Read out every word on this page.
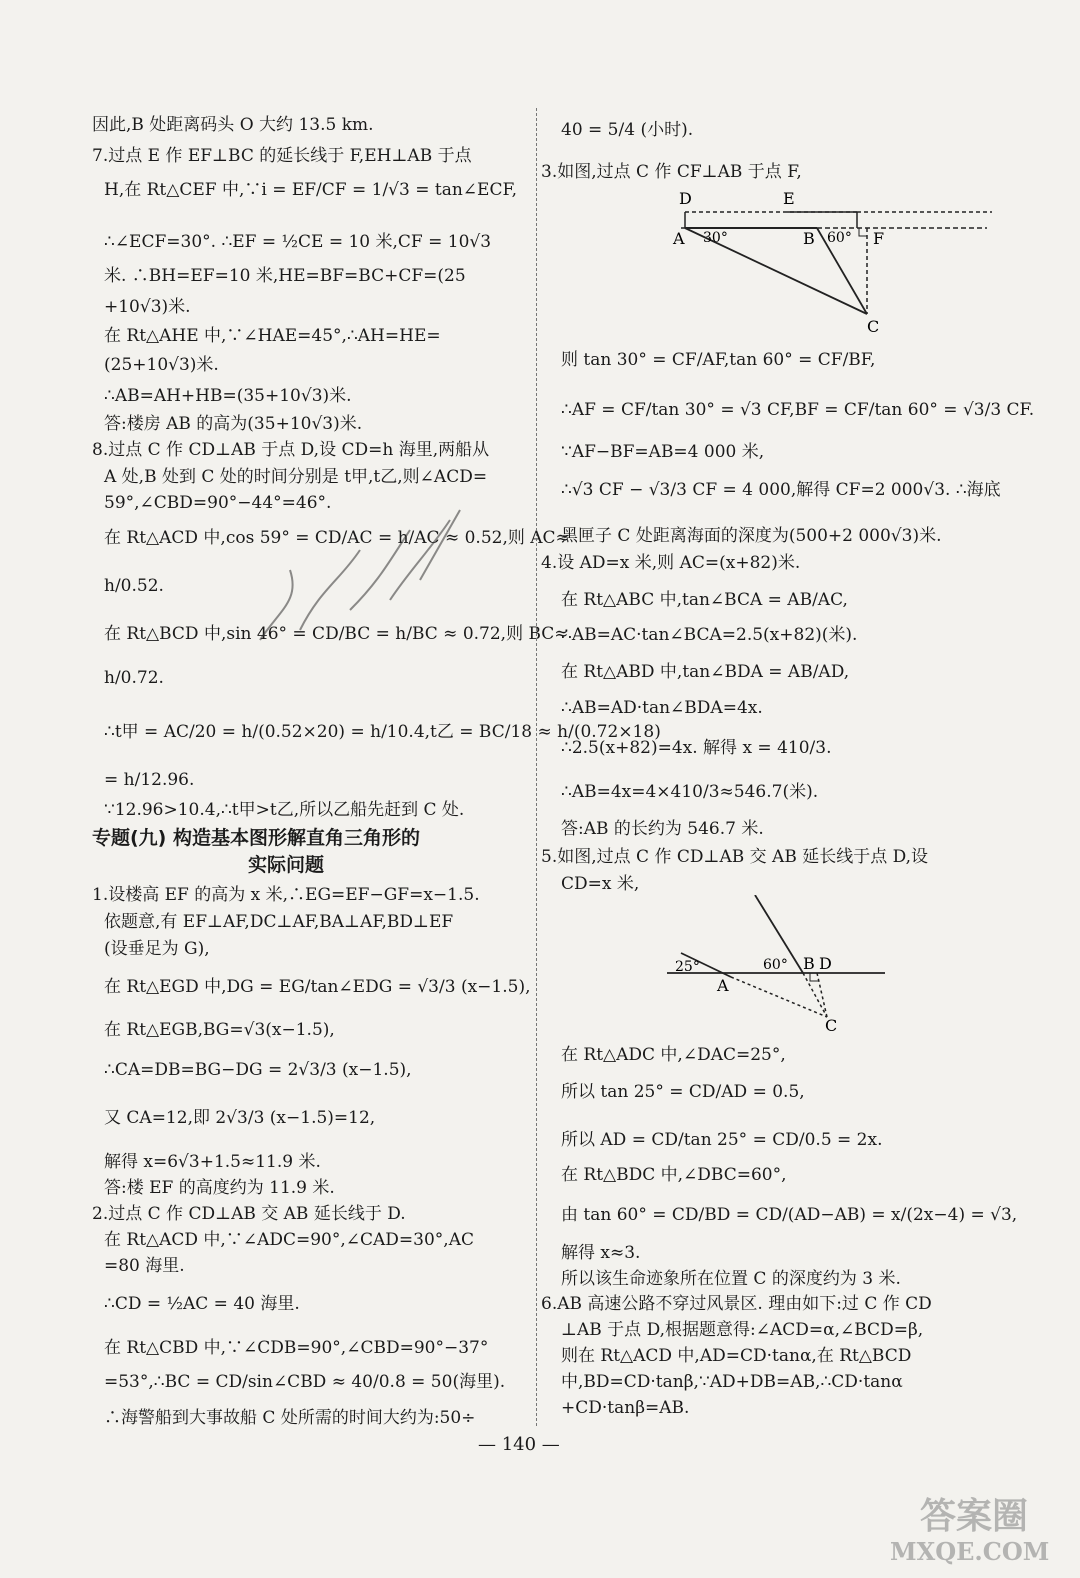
因此,B 处距离码头 O 大约 13.5 km.
7.过点 E 作 EF⊥BC 的延长线于 F,EH⊥AB 于点
H,在 Rt△CEF 中,∵i = EF/CF = 1/√3 = tan∠ECF,
∴∠ECF=30°. ∴EF = ½CE = 10 米,CF = 10√3
米. ∴BH=EF=10 米,HE=BF=BC+CF=(25
+10√3)米.
在 Rt△AHE 中,∵∠HAE=45°,∴AH=HE=
(25+10√3)米.
∴AB=AH+HB=(35+10√3)米.
答:楼房 AB 的高为(35+10√3)米.
8.过点 C 作 CD⊥AB 于点 D,设 CD=h 海里,两船从
A 处,B 处到 C 处的时间分别是 t甲,t乙,则∠ACD=
59°,∠CBD=90°−44°=46°.
在 Rt△ACD 中,cos 59° = CD/AC = h/AC ≈ 0.52,则 AC≈
h/0.52.
在 Rt△BCD 中,sin 46° = CD/BC = h/BC ≈ 0.72,则 BC≈
h/0.72.
∴t甲 = AC/20 = h/(0.52×20) = h/10.4,t乙 = BC/18 ≈ h/(0.72×18)
= h/12.96.
∵12.96>10.4,∴t甲>t乙,所以乙船先赶到 C 处.
专题(九) 构造基本图形解直角三角形的
实际问题
1.设楼高 EF 的高为 x 米,∴EG=EF−GF=x−1.5.
依题意,有 EF⊥AF,DC⊥AF,BA⊥AF,BD⊥EF
(设垂足为 G),
在 Rt△EGD 中,DG = EG/tan∠EDG = √3/3 (x−1.5),
在 Rt△EGB,BG=√3(x−1.5),
∴CA=DB=BG−DG = 2√3/3 (x−1.5),
又 CA=12,即 2√3/3 (x−1.5)=12,
解得 x=6√3+1.5≈11.9 米.
答:楼 EF 的高度约为 11.9 米.
2.过点 C 作 CD⊥AB 交 AB 延长线于 D.
在 Rt△ACD 中,∵∠ADC=90°,∠CAD=30°,AC
=80 海里.
∴CD = ½AC = 40 海里.
在 Rt△CBD 中,∵∠CDB=90°,∠CBD=90°−37°
=53°,∴BC = CD/sin∠CBD ≈ 40/0.8 = 50(海里).
∴海警船到大事故船 C 处所需的时间大约为:50÷
40 = 5/4 (小时).
3.如图,过点 C 作 CF⊥AB 于点 F,
D	E
A 30°	B 60° F
C
则 tan 30° = CF/AF,tan 60° = CF/BF,
∴AF = CF/tan 30° = √3 CF,BF = CF/tan 60° = √3/3 CF.
∵AF−BF=AB=4 000 米,
∴√3 CF − √3/3 CF = 4 000,解得 CF=2 000√3. ∴海底
黑匣子 C 处距离海面的深度为(500+2 000√3)米.
4.设 AD=x 米,则 AC=(x+82)米.
在 Rt△ABC 中,tan∠BCA = AB/AC,
∴AB=AC·tan∠BCA=2.5(x+82)(米).
在 Rt△ABD 中,tan∠BDA = AB/AD,
∴AB=AD·tan∠BDA=4x.
∴2.5(x+82)=4x. 解得 x = 410/3.
∴AB=4x=4×410/3≈546.7(米).
答:AB 的长约为 546.7 米.
5.如图,过点 C 作 CD⊥AB 交 AB 延长线于点 D,设
CD=x 米,
25°	60° B D
A
C
在 Rt△ADC 中,∠DAC=25°,
所以 tan 25° = CD/AD = 0.5,
所以 AD = CD/tan 25° = CD/0.5 = 2x.
在 Rt△BDC 中,∠DBC=60°,
由 tan 60° = CD/BD = CD/(AD−AB) = x/(2x−4) = √3,
解得 x≈3.
所以该生命迹象所在位置 C 的深度约为 3 米.
6.AB 高速公路不穿过风景区. 理由如下:过 C 作 CD
⊥AB 于点 D,根据题意得:∠ACD=α,∠BCD=β,
则在 Rt△ACD 中,AD=CD·tanα,在 Rt△BCD
中,BD=CD·tanβ,∵AD+DB=AB,∴CD·tanα
+CD·tanβ=AB.
— 140 —
答案圈
MXQE.COM
